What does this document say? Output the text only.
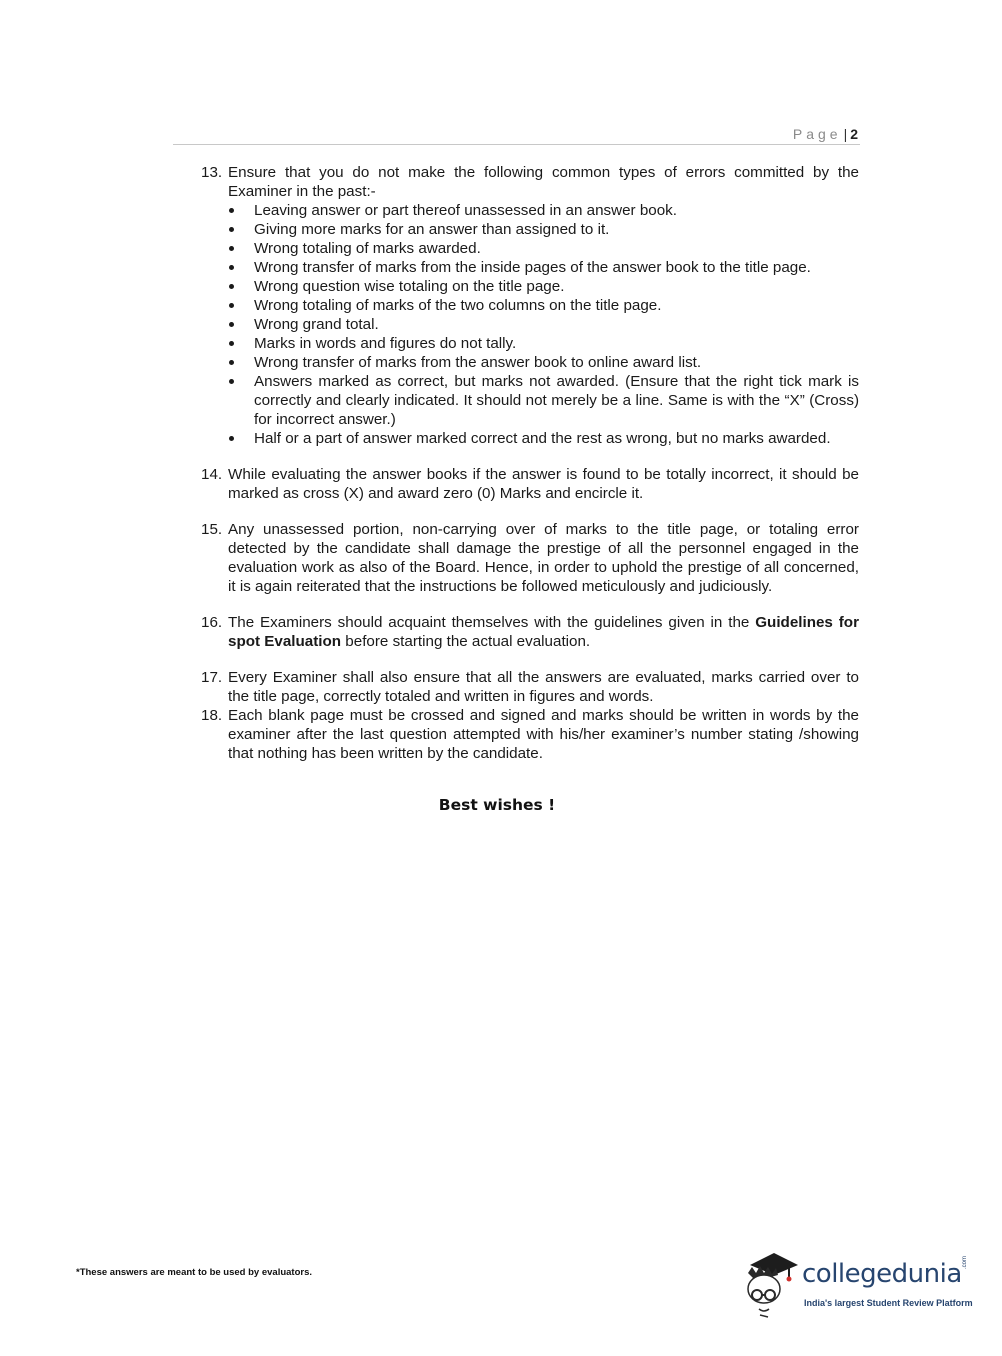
Page | 2
13. Ensure that you do not make the following common types of errors committed by the Examiner in the past:-
Leaving answer or part thereof unassessed in an answer book.
Giving more marks for an answer than assigned to it.
Wrong totaling of marks awarded.
Wrong transfer of marks from the inside pages of the answer book to the title page.
Wrong question wise totaling on the title page.
Wrong totaling of marks of the two columns on the title page.
Wrong grand total.
Marks in words and figures do not tally.
Wrong transfer of marks from the answer book to online award list.
Answers marked as correct, but marks not awarded. (Ensure that the right tick mark is correctly and clearly indicated. It should not merely be a line. Same is with the “X” (Cross) for incorrect answer.)
Half or a part of answer marked correct and the rest as wrong, but no marks awarded.
14. While evaluating the answer books if the answer is found to be totally incorrect, it should be marked as cross (X) and award zero (0) Marks and encircle it.
15. Any unassessed portion, non-carrying over of marks to the title page, or totaling error detected by the candidate shall damage the prestige of all the personnel engaged in the evaluation work as also of the Board. Hence, in order to uphold the prestige of all concerned, it is again reiterated that the instructions be followed meticulously and judiciously.
16. The Examiners should acquaint themselves with the guidelines given in the Guidelines for spot Evaluation before starting the actual evaluation.
17. Every Examiner shall also ensure that all the answers are evaluated, marks carried over to the title page, correctly totaled and written in figures and words.
18. Each blank page must be crossed and signed and marks should be written in words by the examiner after the last question attempted with his/her examiner’s number stating /showing that nothing has been written by the candidate.
Best wishes !
*These answers are meant to be used by evaluators.	collegedunia .com
India's largest Student Review Platform
